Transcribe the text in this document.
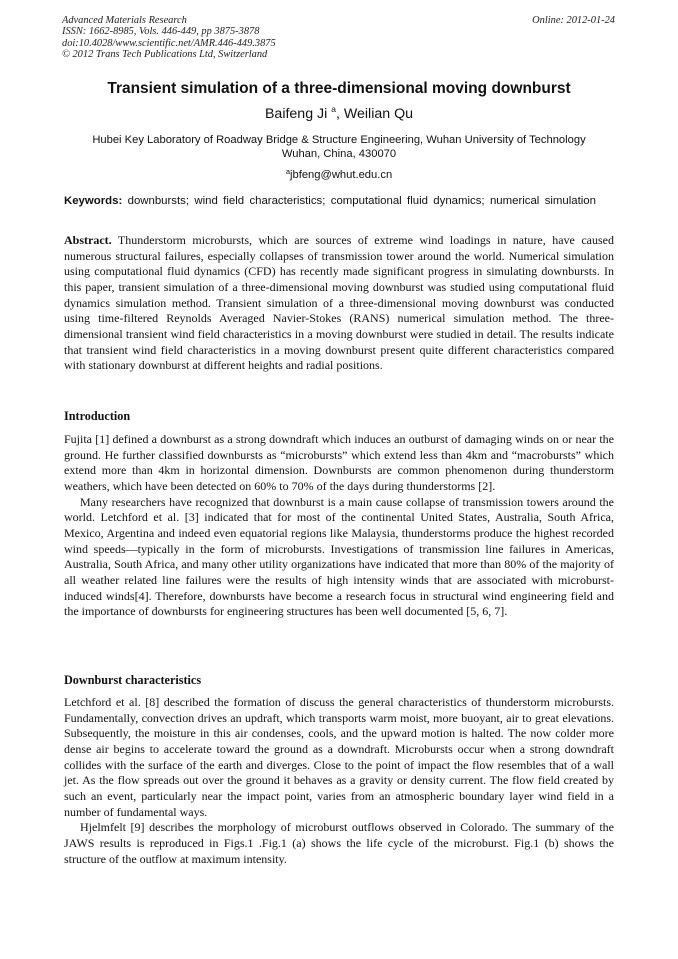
Advanced Materials Research
ISSN: 1662-8985, Vols. 446-449, pp 3875-3878
doi:10.4028/www.scientific.net/AMR.446-449.3875
© 2012 Trans Tech Publications Ltd, Switzerland
Online: 2012-01-24
Transient simulation of a three-dimensional moving downburst
Baifeng Ji $^a$, Weilian Qu
Hubei Key Laboratory of Roadway Bridge & Structure Engineering, Wuhan University of Technology
Wuhan, China, 430070
$^a$jbfeng@whut.edu.cn
Keywords: downbursts; wind field characteristics; computational fluid dynamics; numerical simulation

Abstract. Thunderstorm microbursts, which are sources of extreme wind loadings in nature, have caused numerous structural failures, especially collapses of transmission tower around the world. Numerical simulation using computational fluid dynamics (CFD) has recently made significant progress in simulating downbursts. In this paper, transient simulation of a three-dimensional moving downburst was studied using computational fluid dynamics simulation method. Transient simulation of a three-dimensional moving downburst was conducted using time-filtered Reynolds Averaged Navier-Stokes (RANS) numerical simulation method. The three-dimensional transient wind field characteristics in a moving downburst were studied in detail. The results indicate that transient wind field characteristics in a moving downburst present quite different characteristics compared with stationary downburst at different heights and radial positions.

Introduction

Fujita [1] defined a downburst as a strong downdraft which induces an outburst of damaging winds on or near the ground. He further classified downbursts as “microbursts” which extend less than 4km and “macrobursts” which extend more than 4km in horizontal dimension. Downbursts are common phenomenon during thunderstorm weathers, which have been detected on 60% to 70% of the days during thunderstorms [2].

Many researchers have recognized that downburst is a main cause collapse of transmission towers around the world. Letchford et al. [3] indicated that for most of the continental United States, Australia, South Africa, Mexico, Argentina and indeed even equatorial regions like Malaysia, thunderstorms produce the highest recorded wind speeds—typically in the form of microbursts. Investigations of transmission line failures in Americas, Australia, South Africa, and many other utility organizations have indicated that more than 80% of the majority of all weather related line failures were the results of high intensity winds that are associated with microburst-induced winds[4]. Therefore, downbursts have become a research focus in structural wind engineering field and the importance of downbursts for engineering structures has been well documented [5, 6, 7].

Downburst characteristics

Letchford et al. [8] described the formation of discuss the general characteristics of thunderstorm microbursts. Fundamentally, convection drives an updraft, which transports warm moist, more buoyant, air to great elevations. Subsequently, the moisture in this air condenses, cools, and the upward motion is halted. The now colder more dense air begins to accelerate toward the ground as a downdraft. Microbursts occur when a strong downdraft collides with the surface of the earth and diverges. Close to the point of impact the flow resembles that of a wall jet. As the flow spreads out over the ground it behaves as a gravity or density current. The flow field created by such an event, particularly near the impact point, varies from an atmospheric boundary layer wind field in a number of fundamental ways.

Hjelmfelt [9] describes the morphology of microburst outflows observed in Colorado. The summary of the JAWS results is reproduced in Figs.1 .Fig.1 (a) shows the life cycle of the microburst. Fig.1 (b) shows the structure of the outflow at maximum intensity.
